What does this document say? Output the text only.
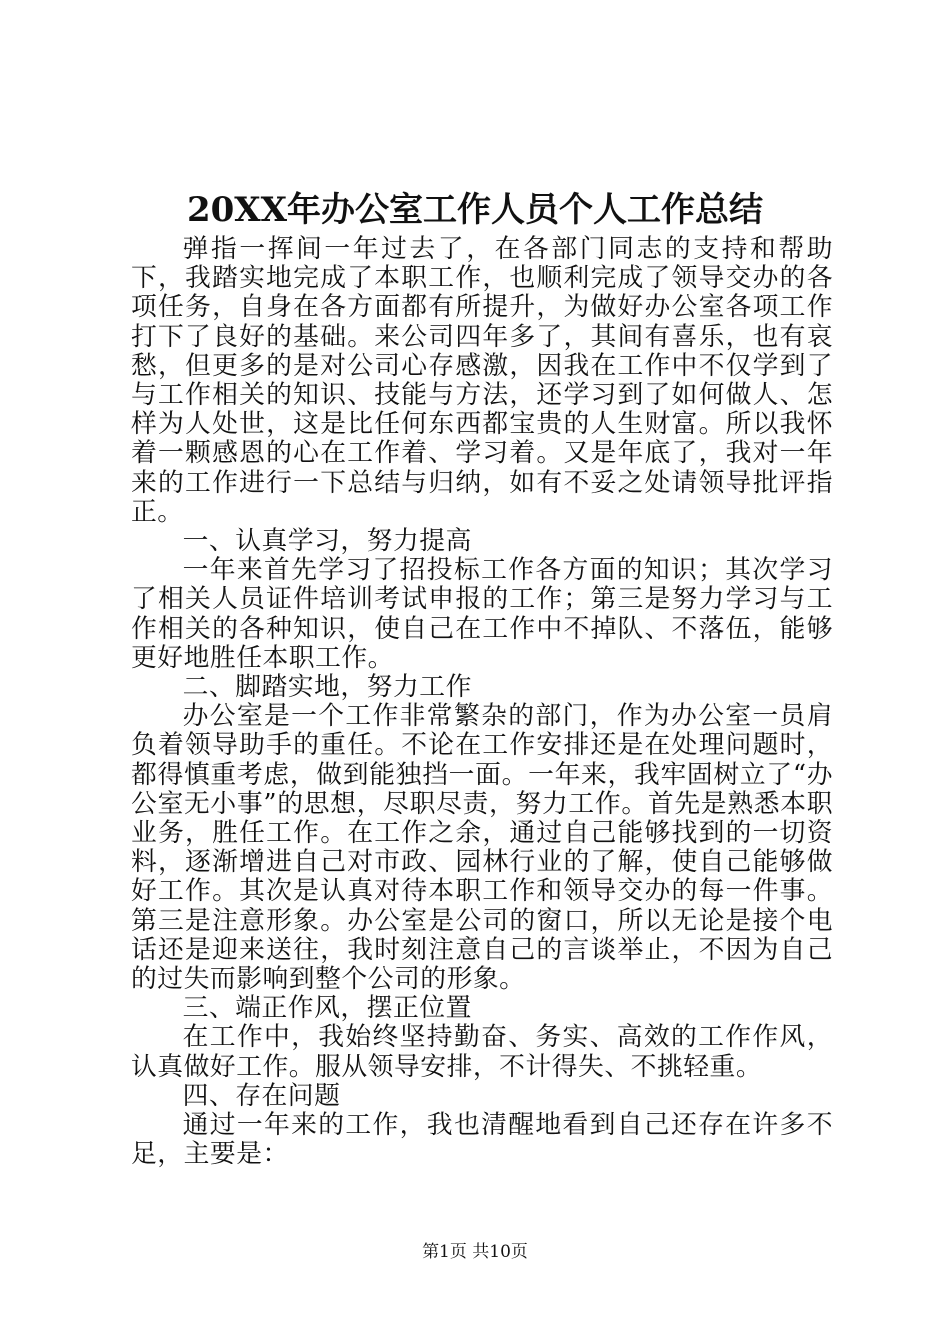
20XX年办公室工作人员个人工作总结

弹指一挥间一年过去了，在各部门同志的支持和帮助下，我踏实地完成了本职工作，也顺利完成了领导交办的各项任务，自身在各方面都有所提升，为做好办公室各项工作打下了良好的基础。来公司四年多了，其间有喜乐，也有哀愁，但更多的是对公司心存感激，因我在工作中不仅学到了与工作相关的知识、技能与方法，还学习到了如何做人、怎样为人处世，这是比任何东西都宝贵的人生财富。所以我怀着一颗感恩的心在工作着、学习着。又是年底了，我对一年来的工作进行一下总结与归纳，如有不妥之处请领导批评指正。

一、认真学习，努力提高

一年来首先学习了招投标工作各方面的知识；其次学习了相关人员证件培训考试申报的工作；第三是努力学习与工作相关的各种知识，使自己在工作中不掉队、不落伍，能够更好地胜任本职工作。

二、脚踏实地，努力工作

办公室是一个工作非常繁杂的部门，作为办公室一员肩负着领导助手的重任。不论在工作安排还是在处理问题时，都得慎重考虑，做到能独挡一面。一年来，我牢固树立了“办公室无小事”的思想，尽职尽责，努力工作。首先是熟悉本职业务，胜任工作。在工作之余，通过自己能够找到的一切资料，逐渐增进自己对市政、园林行业的了解，使自己能够做好工作。其次是认真对待本职工作和领导交办的每一件事。第三是注意形象。办公室是公司的窗口，所以无论是接个电话还是迎来送往，我时刻注意自己的言谈举止，不因为自己的过失而影响到整个公司的形象。

三、端正作风，摆正位置

在工作中，我始终坚持勤奋、务实、高效的工作作风，认真做好工作。服从领导安排，不计得失、不挑轻重。

四、存在问题

通过一年来的工作，我也清醒地看到自己还存在许多不足，主要是：

第1页 共10页
